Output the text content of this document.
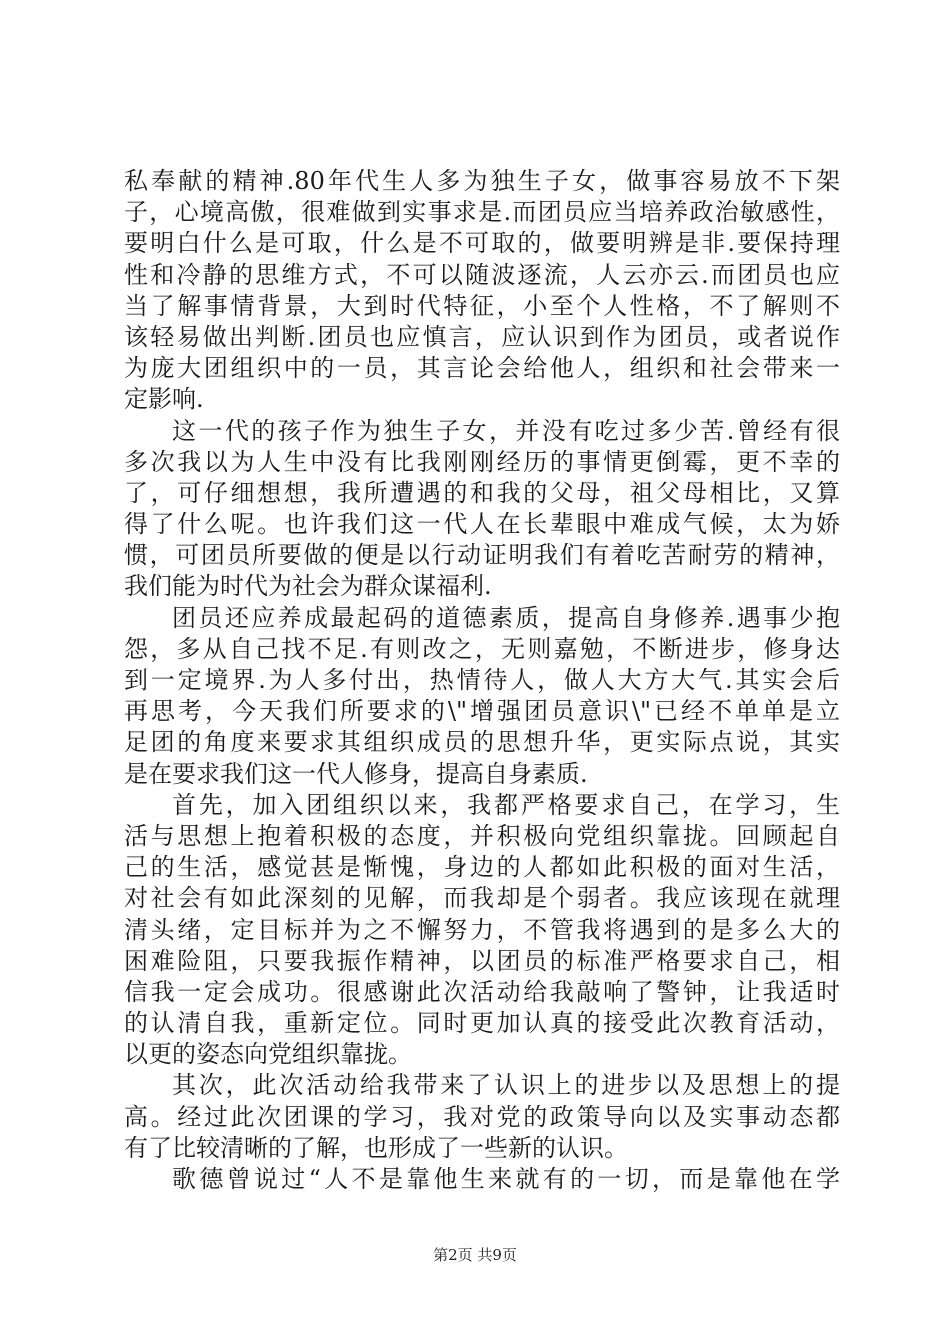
私奉献的精神.80年代生人多为独生子女，做事容易放不下架
子，心境高傲，很难做到实事求是.而团员应当培养政治敏感性，
要明白什么是可取，什么是不可取的，做要明辨是非.要保持理
性和冷静的思维方式，不可以随波逐流，人云亦云.而团员也应
当了解事情背景，大到时代特征，小至个人性格，不了解则不
该轻易做出判断.团员也应慎言，应认识到作为团员，或者说作
为庞大团组织中的一员，其言论会给他人，组织和社会带来一
定影响.
这一代的孩子作为独生子女，并没有吃过多少苦.曾经有很
多次我以为人生中没有比我刚刚经历的事情更倒霉，更不幸的
了，可仔细想想，我所遭遇的和我的父母，祖父母相比，又算
得了什么呢。也许我们这一代人在长辈眼中难成气候，太为娇
惯，可团员所要做的便是以行动证明我们有着吃苦耐劳的精神，
我们能为时代为社会为群众谋福利.
团员还应养成最起码的道德素质，提高自身修养.遇事少抱
怨，多从自己找不足.有则改之，无则嘉勉，不断进步，修身达
到一定境界.为人多付出，热情待人，做人大方大气.其实会后
再思考，今天我们所要求的\"增强团员意识\"已经不单单是立
足团的角度来要求其组织成员的思想升华，更实际点说，其实
是在要求我们这一代人修身，提高自身素质.
首先，加入团组织以来，我都严格要求自己，在学习，生
活与思想上抱着积极的态度，并积极向党组织靠拢。回顾起自
己的生活，感觉甚是惭愧，身边的人都如此积极的面对生活，
对社会有如此深刻的见解，而我却是个弱者。我应该现在就理
清头绪，定目标并为之不懈努力，不管我将遇到的是多么大的
困难险阻，只要我振作精神，以团员的标准严格要求自己，相
信我一定会成功。很感谢此次活动给我敲响了警钟，让我适时
的认清自我，重新定位。同时更加认真的接受此次教育活动，
以更的姿态向党组织靠拢。
其次，此次活动给我带来了认识上的进步以及思想上的提
高。经过此次团课的学习，我对党的政策导向以及实事动态都
有了比较清晰的了解，也形成了一些新的认识。
歌德曾说过“人不是靠他生来就有的一切，而是靠他在学
第2页 共9页
